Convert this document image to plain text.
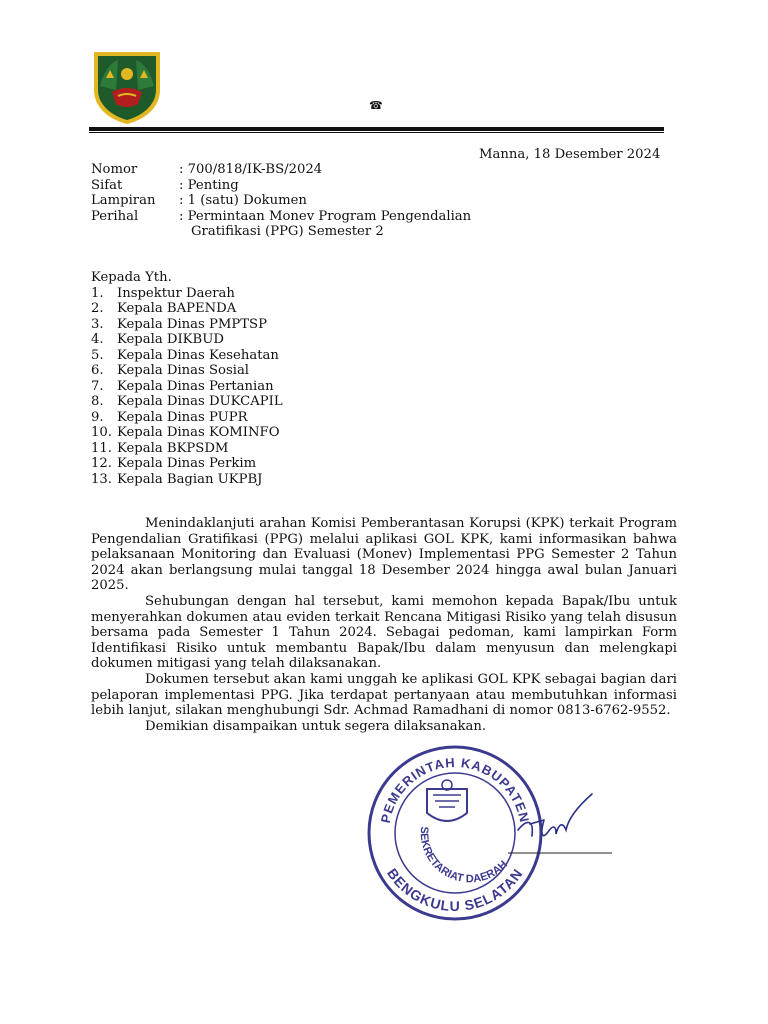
☎
Manna, 18 Desember 2024
Nomor	: 700/818/IK-BS/2024
Sifat	: Penting
Lampiran : 1 (satu) Dokumen
Perihal	: Permintaan Monev Program Pengendalian
Gratifikasi (PPG) Semester 2
Kepada Yth.
1. Inspektur Daerah
2. Kepala BAPENDA
3. Kepala Dinas PMPTSP
4. Kepala DIKBUD
5. Kepala Dinas Kesehatan
6. Kepala Dinas Sosial
7. Kepala Dinas Pertanian
8. Kepala Dinas DUKCAPIL
9. Kepala Dinas PUPR
10. Kepala Dinas KOMINFO
11. Kepala BKPSDM
12. Kepala Dinas Perkim
13. Kepala Bagian UKPBJ

Menindaklanjuti arahan Komisi Pemberantasan Korupsi (KPK) terkait Program Pengendalian Gratifikasi (PPG) melalui aplikasi GOL KPK, kami informasikan bahwa pelaksanaan Monitoring dan Evaluasi (Monev) Implementasi PPG Semester 2 Tahun 2024 akan berlangsung mulai tanggal 18 Desember 2024 hingga awal bulan Januari 2025.

Sehubungan dengan hal tersebut, kami memohon kepada Bapak/Ibu untuk menyerahkan dokumen atau eviden terkait Rencana Mitigasi Risiko yang telah disusun bersama pada Semester 1 Tahun 2024. Sebagai pedoman, kami lampirkan Form Identifikasi Risiko untuk membantu Bapak/Ibu dalam menyusun dan melengkapi dokumen mitigasi yang telah dilaksanakan.

Dokumen tersebut akan kami unggah ke aplikasi GOL KPK sebagai bagian dari pelaporan implementasi PPG. Jika terdapat pertanyaan atau membutuhkan informasi lebih lanjut, silakan menghubungi Sdr. Achmad Ramadhani di nomor 0813-6762-9552.

Demikian disampaikan untuk segera dilaksanakan.

PEMERINTAH KABUPATEN
BENGKULU SELATAN
SEKRETARIAT DAERAH
